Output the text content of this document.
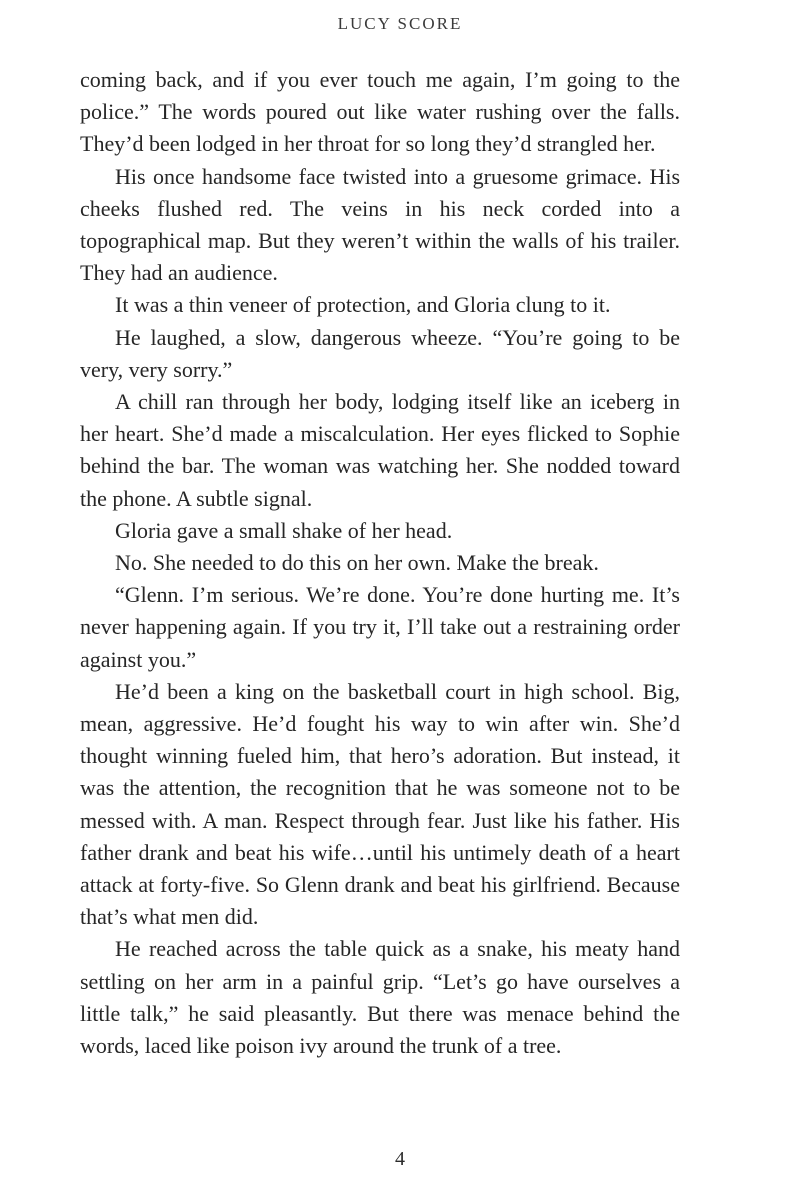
LUCY SCORE

coming back, and if you ever touch me again, I’m going to the police.” The words poured out like water rushing over the falls. They’d been lodged in her throat for so long they’d strangled her.

His once handsome face twisted into a gruesome grimace. His cheeks flushed red. The veins in his neck corded into a topographical map. But they weren’t within the walls of his trailer. They had an audience.

It was a thin veneer of protection, and Gloria clung to it.

He laughed, a slow, dangerous wheeze. “You’re going to be very, very sorry.”

A chill ran through her body, lodging itself like an iceberg in her heart. She’d made a miscalculation. Her eyes flicked to Sophie behind the bar. The woman was watching her. She nodded toward the phone. A subtle signal.

Gloria gave a small shake of her head.

No. She needed to do this on her own. Make the break.

“Glenn. I’m serious. We’re done. You’re done hurting me. It’s never happening again. If you try it, I’ll take out a restraining order against you.”

He’d been a king on the basketball court in high school. Big, mean, aggressive. He’d fought his way to win after win. She’d thought winning fueled him, that hero’s adoration. But instead, it was the attention, the recognition that he was someone not to be messed with. A man. Respect through fear. Just like his father. His father drank and beat his wife…until his untimely death of a heart attack at forty-five. So Glenn drank and beat his girlfriend. Because that’s what men did.

He reached across the table quick as a snake, his meaty hand settling on her arm in a painful grip. “Let’s go have ourselves a little talk,” he said pleasantly. But there was menace behind the words, laced like poison ivy around the trunk of a tree.

4
